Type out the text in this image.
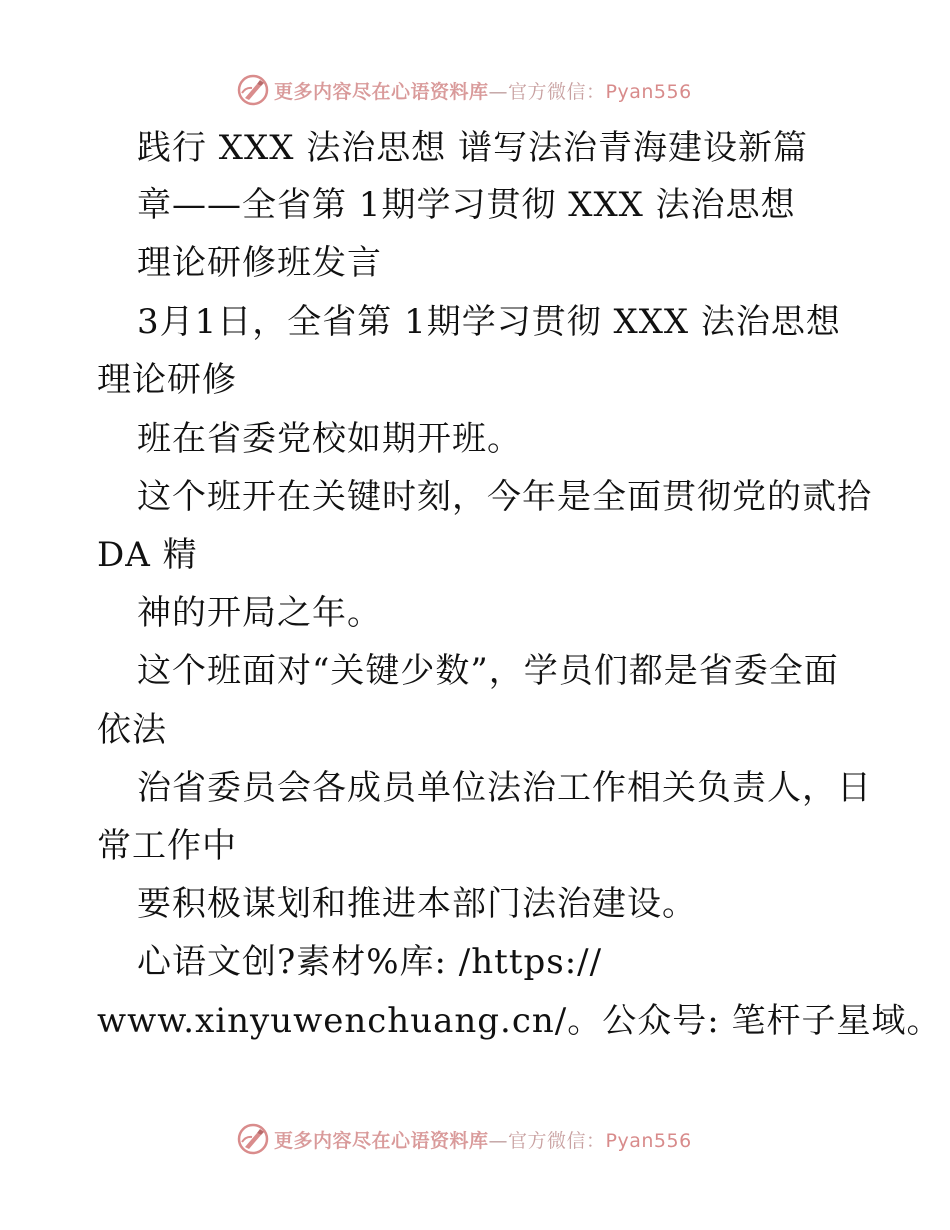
更多内容尽在心语资料库—官方微信：Pyan556
践行 XXX 法治思想 谱写法治青海建设新篇
章——全省第 1期学习贯彻 XXX 法治思想
理论研修班发言
3月1日，全省第 1期学习贯彻 XXX 法治思想
理论研修
班在省委党校如期开班。
这个班开在关键时刻，今年是全面贯彻党的贰拾
DA 精
神的开局之年。
这个班面对“关键少数”，学员们都是省委全面
依法
治省委员会各成员单位法治工作相关负责人，日
常工作中
要积极谋划和推进本部门法治建设。
心语文创?素材%库: /https://
www.xinyuwenchuang.cn/。公众号: 笔杆子星域。
更多内容尽在心语资料库—官方微信：Pyan556
